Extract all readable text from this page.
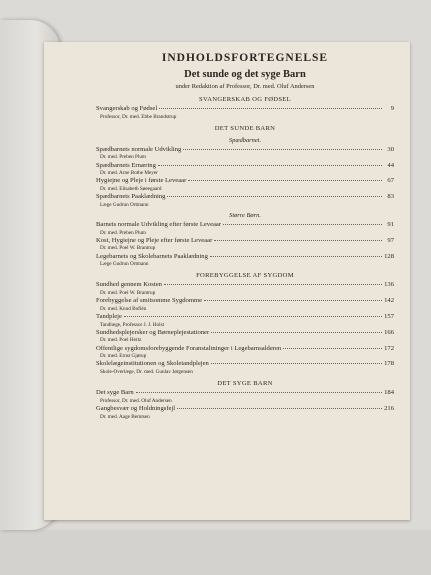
INDHOLDSFORTEGNELSE
Det sunde og det syge Barn
under Redaktion af Professor, Dr. med. Oluf Andersen
SVANGERSKAB OG FØDSEL
Svangerskab og Fødsel	9
Professor, Dr. med. Ebbe Brandstrup
DET SUNDE BARN
Spædbarnet.
Spædbarnets normale Udvikling	30
Dr. med. Preben Plum
Spædbarnets Ernæring	44
Dr. med. Arne Bothe Meyer
Hygiejne og Pleje i første Leveaar	67
Dr. med. Elisabeth Søeegaard
Spædbarnets Paaklædning	83
Læge Gudrun Ortmann
Større Børn.
Barnets normale Udvikling efter første Leveaar	91
Dr. med. Preben Plum
Kost, Hygiejne og Pleje efter første Leveaar	97
Dr. med. Poel W. Brantrup
Legebarnets og Skolebarnets Paaklædning	128
Læge Gudrun Ortmann
FOREBYGGELSE AF SYGDOM
Sundhed gennem Kosten	136
Dr. med. Poel W. Brantrup
Forebyggelse af smitsomme Sygdomme	142
Dr. med. Knud Boflén
Tandpleje	157
Tandlæge, Professor J. J. Holst
Sundhedsplejersker og Børneplejestationer	166
Dr. med. Poel Hertz
Offentlige sygdomsforebyggende Foranstaltninger i Legebarnsalderen	172
Dr. med. Ernst Gjørup
Skolelægeinstitutionen og Skoletandplejen	178
Skole-Overlæge, Dr. med. Gunlav Jørgensen
DET SYGE BARN
Det syge Barn	184
Professor, Dr. med. Oluf Andersen
Gangbesvær og Holdningsfejl	216
Dr. med. Aage Berntsen
